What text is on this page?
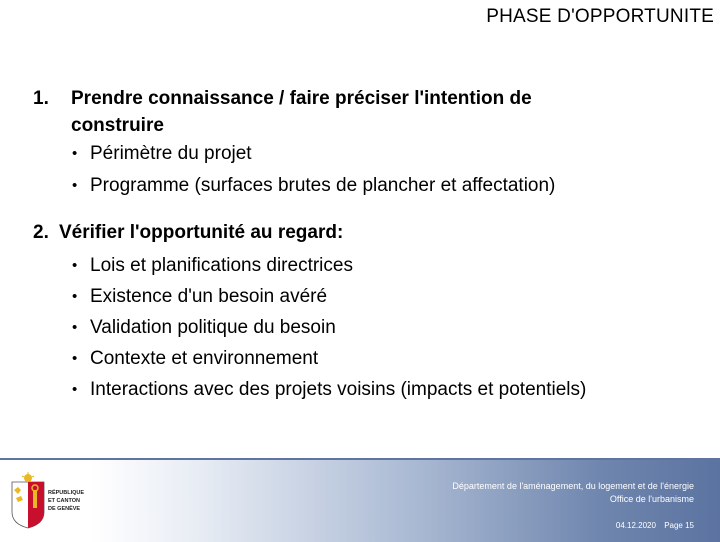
PHASE D'OPPORTUNITE
1. Prendre connaissance / faire préciser l'intention de
construire
• Périmètre du projet
• Programme (surfaces brutes de plancher et affectation)
2. Vérifier l'opportunité au regard:
• Lois et planifications directrices
• Existence d'un besoin avéré
• Validation politique du besoin
• Contexte et environnement
• Interactions avec des projets voisins (impacts et potentiels)
RÉPUBLIQUE
ET CANTON
DE GENÈVE
Département de l'aménagement, du logement et de l'énergie
Office de l'urbanisme
04.12.2020 Page 15
